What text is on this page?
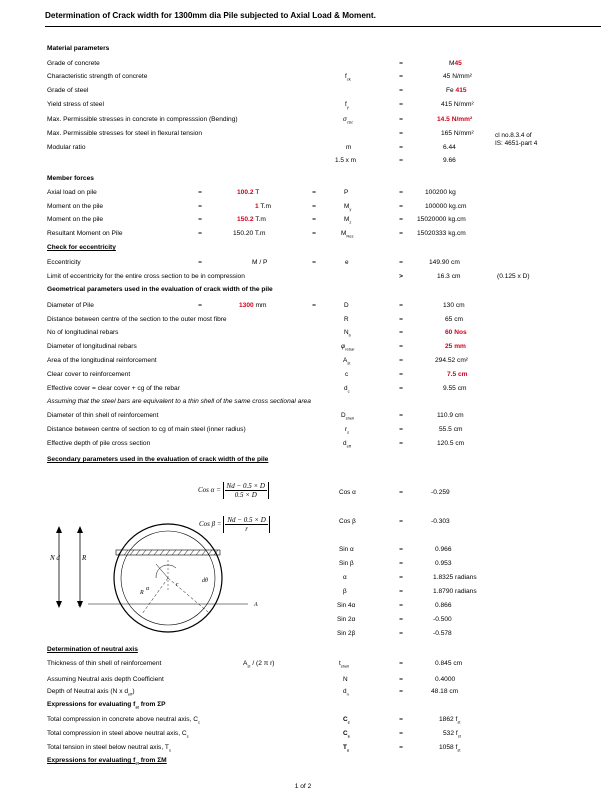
Determination of Crack width for 1300mm dia Pile subjected to Axial Load & Moment.
Material parameters
Grade of concrete	=	M45
Characteristic strength of concrete	$f_{ck}$	=	45 N/mm²
Grade of steel	=	Fe 415
Yield stress of steel	$f_y$	=	415 N/mm²
Max. Permissible stresses in concrete in compresssion (Bending)	$\sigma_{cbc}$	=	14.5 N/mm²
Max. Permissible stresses for steel in flexural tension	=	165 N/mm²
Modular ratio	m	=	6.44
cl no.8.3.4 of
IS: 4651-part 4
1.5 x m	=	9.66
Member forces
Axial load on pile	=	100.2 T	=	P	=	100200 kg
Moment on the pile	=	1 T.m	=	$M_y$	=	100000 kg.cm
Moment on the pile	=	150.2 T.m	=	$M_z$	=	15020000 kg.cm
Resultant Moment on Pile	=	150.20 T.m	=	$M_{Res}$	=	15020333 kg.cm
Check for eccentricity
Eccentricity	=	M / P	=	e	=	149.90 cm
Limit of eccentricity for the entire cross section to be in compression	>	16.3 cm	(0.125 x D)
Geometrical parameters used in the evaluation of crack width of the pile
Diameter of Pile	=	1300 mm	=	D	=	130 cm
Distance between centre of the section to the outer most fibre	R	=	65 cm
No of longitudinal rebars	$N_b$	=	60 Nos
Diameter of longitudinal rebars	$\varphi_{rebar}$	=	25 mm
Area of the longitudinal reinforcement	$A_{st}$	=	294.52 cm²
Clear cover to reinforcement	c	=	7.5 cm
Effective cover = clear cover + cg of the rebar	$d_c$	=	9.55 cm
Assuming that the steel bars are equivalent to a thin shell of the same cross sectional area
Diameter of thin shell of reinforcement	$D_{shell}$	=	110.9 cm
Distance between centre of section to cg of main steel (inner radius)	$r_s$	=	55.5 cm
Effective depth of pile cross section	$d_{eff}$	=	120.5 cm
Secondary parameters used in the evaluation of crack width of the pile
Cos $\alpha = \frac{Nd - 0.5 \times D}{0.5 \times D}$
Cos $\beta = \frac{Nd - 0.5 \times D}{r}$
N d	R
r
R
α
dθ
N	A
Cos α	=	-0.259
Cos β	=	-0.303
Sin α	=	0.966
Sin β	=	0.953
α	=	1.8325 radians
β	=	1.8790 radians
Sin 4α	=	0.866
Sin 2α	=	-0.500
Sin 2β	=	-0.578
Determination of neutral axis
Thickness of thin shell of reinforcement	$A_{st} / (2$ π r)	$t_{shell}$	=	0.845 cm
Assuming Neutral axis depth Coefficient	N	=	0.4000
Depth of Neutral axis (N x $d_{eff}$)	$d_n$	=	48.18 cm
Expressions for evaluating $f_{st}$ from ΣP
Total compression in concrete above neutral axis, $C_c$	$C_c$	=	1862 $f_{st}$
Total compression in steel above neutral axis, $C_s$	$C_s$	=	532 $f_{st}$
Total tension in steel below neutral axis, $T_s$	$T_s$	=	1058 $f_{st}$
Expressions for evaluating $f_{st}$ from ΣM
1 of 2
